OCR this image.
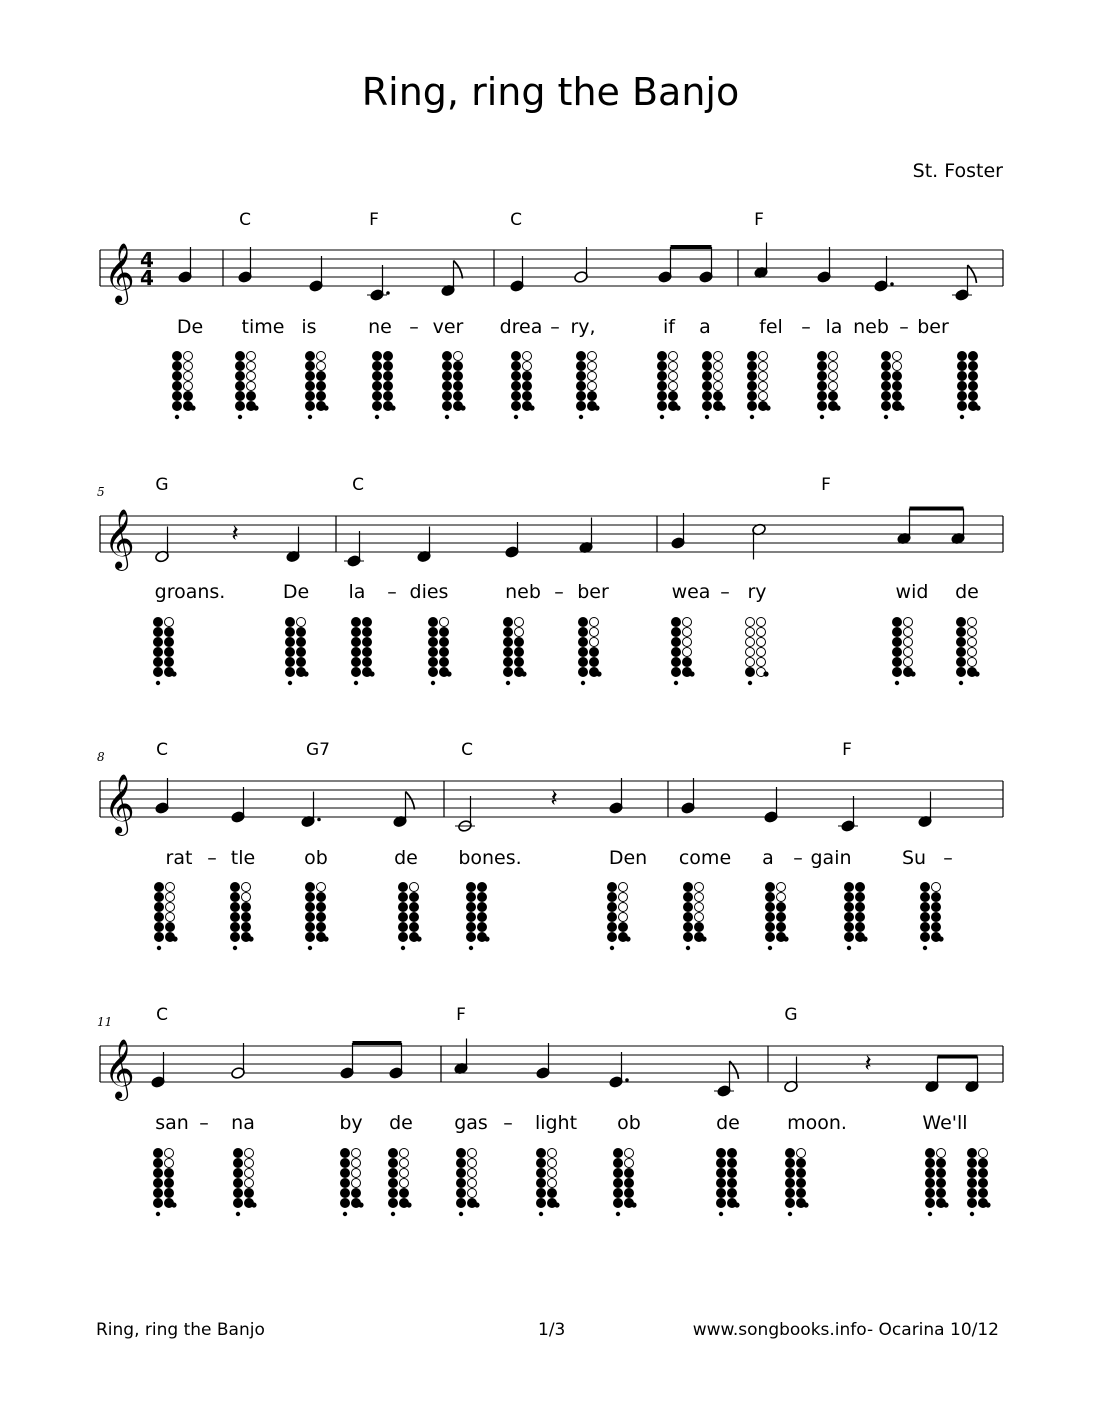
Ring, ring the Banjo
St. Foster
𝄞 4
4
C	F	C	F
De time is	ne – ver drea – ry,	if a	fel – la neb – ber
𝄞
5	G	C	F
groans.	De la – dies	neb – ber	wea – ry	wid de
𝄽
𝄞
8	C	G7	C	F
rat – tle	ob	de bones.	Den come a – gain	Su –
𝄽
𝄞
11	C	F	G
san – na	by de gas – light ob	de moon.	We'll
𝄽
Ring, ring the Banjo	1/3	www.songbooks.info- Ocarina 10/12
